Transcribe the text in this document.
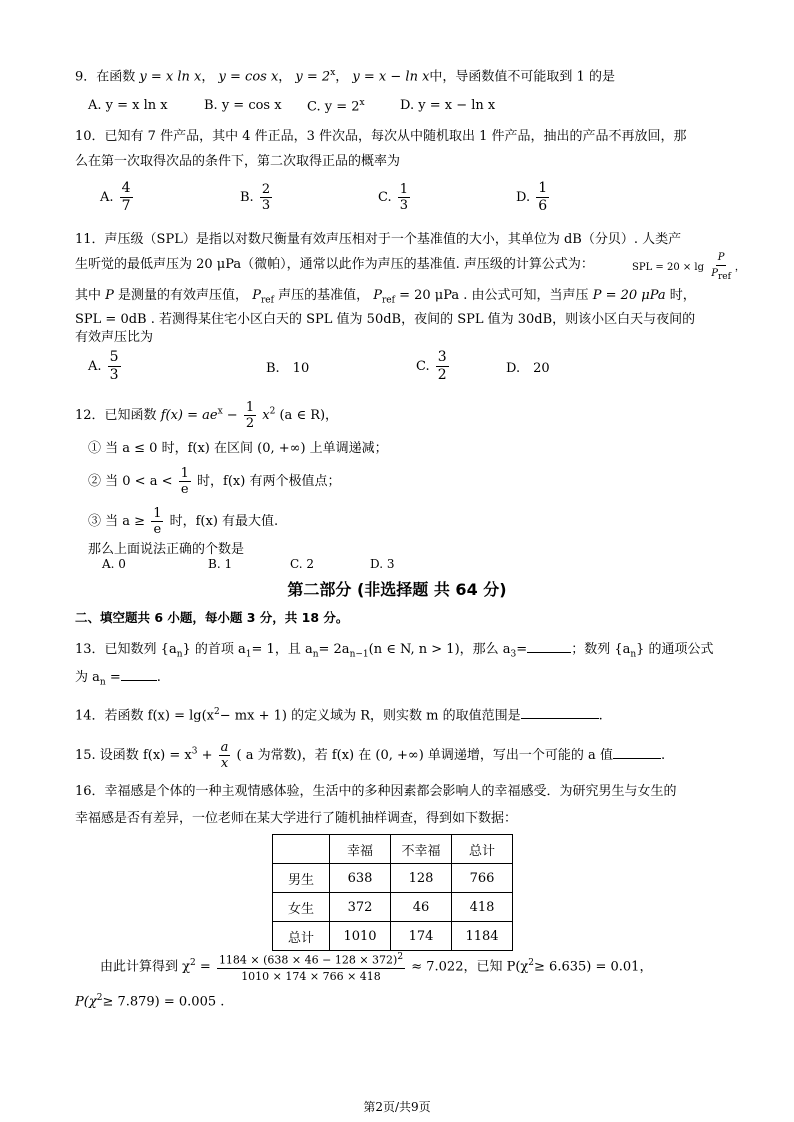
9．在函数 y = x ln x， y = cos x， $y = 2^x$， y = x − ln x中，导函数值不可能取到 1 的是
A. y = x ln x	B. y = cos x C. $y = 2^x$	D. y = x − ln x
10．已知有 7 件产品，其中 4 件正品，3 件次品，每次从中随机取出 1 件产品，抽出的产品不再放回，那
么在第一次取得次品的条件下，第二次取得正品的概率为
A. $\frac{4}{7}$	B. $\frac{2}{3}$	C. $\frac{1}{3}$	D. $\frac{1}{6}$
11．声压级（SPL）是指以对数尺衡量有效声压相对于一个基准值的大小，其单位为 dB（分贝）. 人类产
生听觉的最低声压为 20 μPa（微帕），通常以此作为声压的基准值. 声压级的计算公式为：	SPL = $20 \times \lg \frac{P}{P_{ref}}$ ，
其中 P 是测量的有效声压值， $P_{ref}$ 声压的基准值， $P_{ref} = 20$ μPa . 由公式可知，当声压 P = 20 μPa 时，
SPL = 0dB . 若测得某住宅小区白天的 SPL 值为 50dB，夜间的 SPL 值为 30dB，则该小区白天与夜间的
有效声压比为
A. $\frac{5}{3}$	B.　10	C. $\frac{3}{2}$	D.　20
12．已知函数 $f(x) = ae^x - \frac{1}{2} x^2$ (a ∈ R)，
① 当 a ≤ 0 时，f(x) 在区间 (0, +∞) 上单调递减；
② 当 $0 < a < \frac{1}{e}$ 时，f(x) 有两个极值点；
③ 当 $a \ge \frac{1}{e}$ 时，f(x) 有最大值.
那么上面说法正确的个数是
A. 0	B. 1	C. 2	D. 3
第二部分 (非选择题 共 64 分)
二、填空题共 6 小题，每小题 3 分，共 18 分。
13．已知数列 $\{a_n\}$ 的首项 $a_1= 1$，且 $a_n= 2a_{n-1}(n$ ∈ N, n > 1)，那么 $a_3=$	；数列 $\{a_n\}$ 的通项公式
为 $a_n$ =	.
14．若函数 $f(x) = \lg(x^2-$ mx + 1) 的定义域为 R，则实数 m 的取值范围是	.
15. 设函数 $f(x) = x^3 + \frac{a}{x}$ ( a 为常数)，若 f(x) 在 (0, +∞) 单调递增，写出一个可能的 a 值	.
16．幸福感是个体的一种主观情感体验，生活中的多种因素都会影响人的幸福感受．为研究男生与女生的
幸福感是否有差异，一位老师在某大学进行了随机抽样调查，得到如下数据：
	幸福	不幸福	总计
男生	638	128	766
女生	372	46	418
总计	1010	174	1184
由此计算得到 $\chi^2 = \frac{1184 \times (638 \times 46 - 128 \times 372)^2}{1010 \times 174 \times 766 \times 418} \approx 7.022$，已知 $P(\chi^2\ge 6.635) = 0.01$，
$P(\chi^2\ge 7.879) = 0.005$ .
第2页/共9页
